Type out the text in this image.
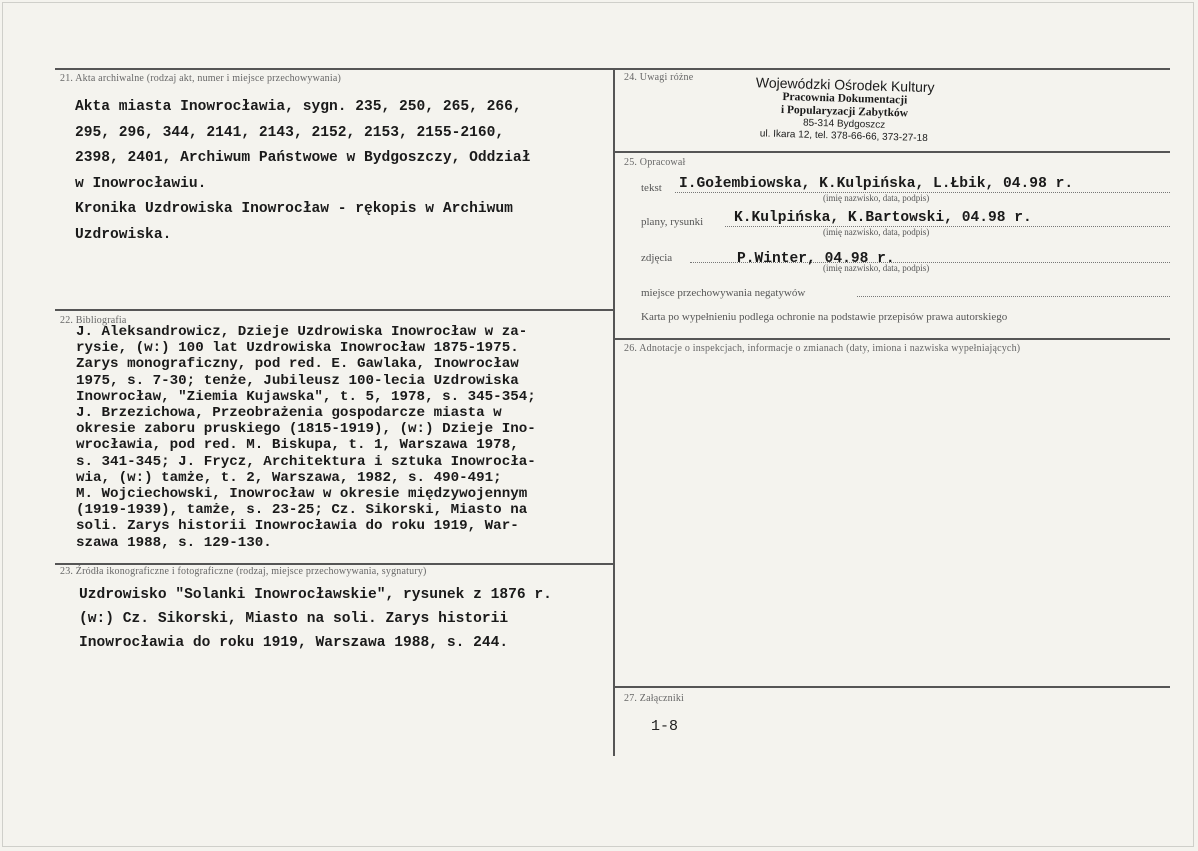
21. Akta archiwalne (rodzaj akt, numer i miejsce przechowywania)
Akta miasta Inowrocławia, sygn. 235, 250, 265, 266,
295, 296, 344, 2141, 2143, 2152, 2153, 2155-2160,
2398, 2401, Archiwum Państwowe w Bydgoszczy, Oddział
w Inowrocławiu.
Kronika Uzdrowiska Inowrocław - rękopis w Archiwum
Uzdrowiska.
22. Bibliografia
J. Aleksandrowicz, Dzieje Uzdrowiska Inowrocław w za-
rysie, (w:) 100 lat Uzdrowiska Inowrocław 1875-1975.
Zarys monograficzny, pod red. E. Gawlaka, Inowrocław
1975, s. 7-30; tenże, Jubileusz 100-lecia Uzdrowiska
Inowrocław, "Ziemia Kujawska", t. 5, 1978, s. 345-354;
J. Brzezichowa, Przeobrażenia gospodarcze miasta w
okresie zaboru pruskiego (1815-1919), (w:) Dzieje Ino-
wrocławia, pod red. M. Biskupa, t. 1, Warszawa 1978,
s. 341-345; J. Frycz, Architektura i sztuka Inowrocła-
wia, (w:) tamże, t. 2, Warszawa, 1982, s. 490-491;
M. Wojciechowski, Inowrocław w okresie międzywojennym
(1919-1939), tamże, s. 23-25; Cz. Sikorski, Miasto na
soli. Zarys historii Inowrocławia do roku 1919, War-
szawa 1988, s. 129-130.
23. Źródła ikonograficzne i fotograficzne (rodzaj, miejsce przechowywania, sygnatury)
Uzdrowisko "Solanki Inowrocławskie", rysunek z 1876 r.
(w:) Cz. Sikorski, Miasto na soli. Zarys historii
Inowrocławia do roku 1919, Warszawa 1988, s. 244.
24. Uwagi różne	Wojewódzki Ośrodek Kultury
Pracownia Dokumentacji
i Popularyzacji Zabytków
85-314 Bydgoszcz
ul. Ikara 12, tel. 378-66-66, 373-27-18
25. Opracował
tekst I.Gołembiowska, K.Kulpińska, L.Łbik, 04.98 r.
(imię nazwisko, data, podpis)
plany, rysunki K.Kulpińska, K.Bartowski, 04.98 r.
(imię nazwisko, data, podpis)
zdjęcia	P.Winter, 04.98 r.
(imię nazwisko, data, podpis)
miejsce przechowywania negatywów
Karta po wypełnieniu podlega ochronie na podstawie przepisów prawa autorskiego
26. Adnotacje o inspekcjach, informacje o zmianach (daty, imiona i nazwiska wypełniających)
27. Załączniki
1-8
